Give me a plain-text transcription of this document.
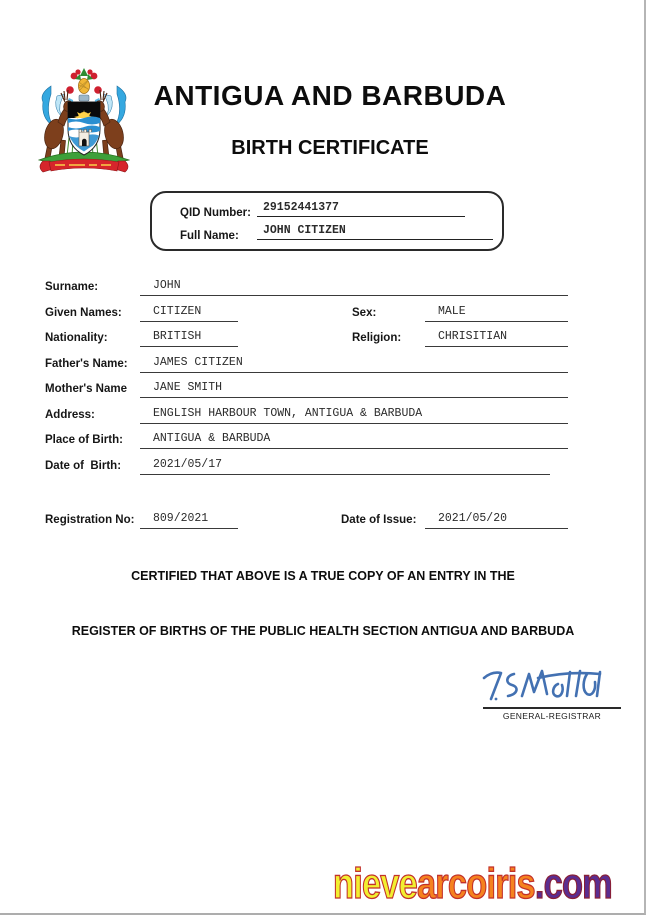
ANTIGUA AND BARBUDA
BIRTH CERTIFICATE
QID Number:	29152441377
Full Name:	JOHN CITIZEN
Surname:	JOHN
Given Names:	CITIZEN	Sex:	MALE
Nationality:	BRITISH	Religion:	CHRISITIAN
Father's Name:	JAMES CITIZEN
Mother's Name	JANE SMITH
Address:	ENGLISH HARBOUR TOWN, ANTIGUA & BARBUDA
Place of Birth:	ANTIGUA & BARBUDA
Date of  Birth:	2021/05/17
Registration No:	809/2021	Date of Issue:	2021/05/20
CERTIFIED THAT ABOVE IS A TRUE COPY OF AN ENTRY IN THE
REGISTER OF BIRTHS OF THE PUBLIC HEALTH SECTION ANTIGUA AND BARBUDA
GENERAL-REGISTRAR
nievearcoiris.com
